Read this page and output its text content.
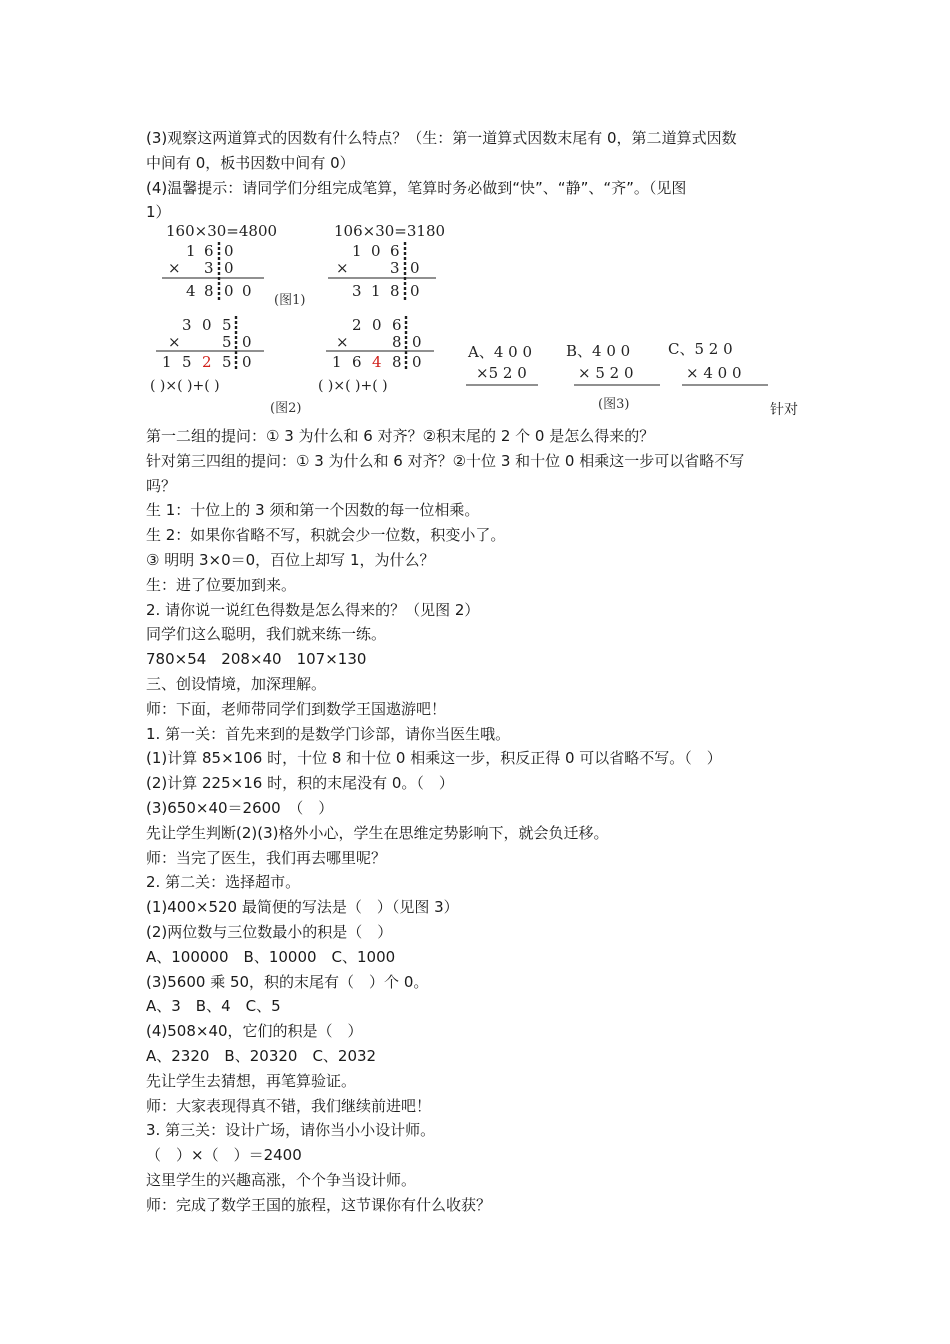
(3)观察这两道算式的因数有什么特点？（生：第一道算式因数末尾有 0，第二道算式因数

中间有 0，板书因数中间有 0）

(4)温馨提示：请同学们分组完成笔算，笔算时务必做到“快”、“静”、“齐”。（见图

1）

160×30=4800
1 6 0
× 3 0
4 8 0 0
106×30=3180
1 0 6
×	3 0
3 1 8 0
(图1)
3 0 5
×	5 0
1 5 2 5 0
( )×( )+( )
2 0 6
×	8 0
1 6 4 8 0
( )×( )+( )
(图2)
A、4 0 0
×5 2 0
B、4 0 0
× 5 2 0
C、5 2 0
× 4 0 0
(图3)	针对

第一二组的提问：① 3 为什么和 6 对齐？②积末尾的 2 个 0 是怎么得来的？

针对第三四组的提问：① 3 为什么和 6 对齐？②十位 3 和十位 0 相乘这一步可以省略不写

吗？

生 1：十位上的 3 须和第一个因数的每一位相乘。

生 2：如果你省略不写，积就会少一位数，积变小了。

③ 明明 3×0＝0，百位上却写 1，为什么？

生：进了位要加到来。

2. 请你说一说红色得数是怎么得来的？（见图 2）

同学们这么聪明，我们就来练一练。

780×54　208×40　107×130

三、创设情境，加深理解。

师：下面，老师带同学们到数学王国遨游吧！

1. 第一关：首先来到的是数学门诊部，请你当医生哦。

(1)计算 85×106 时，十位 8 和十位 0 相乘这一步，积反正得 0 可以省略不写。（　）

(2)计算 225×16 时，积的末尾没有 0。（　）

(3)650×40＝2600　（　）

先让学生判断(2)(3)格外小心，学生在思维定势影响下，就会负迁移。

师：当完了医生，我们再去哪里呢？

2. 第二关：选择超市。

(1)400×520 最简便的写法是（　）（见图 3）

(2)两位数与三位数最小的积是（　）

A、100000　B、10000　C、1000

(3)5600 乘 50，积的末尾有（　）个 0。

A、3　B、4　C、5

(4)508×40，它们的积是（　）

A、2320　B、20320　C、2032

先让学生去猜想，再笔算验证。

师：大家表现得真不错，我们继续前进吧！

3. 第三关：设计广场，请你当小小设计师。

（　）×（　）＝2400

这里学生的兴趣高涨，个个争当设计师。

师：完成了数学王国的旅程，这节课你有什么收获？
